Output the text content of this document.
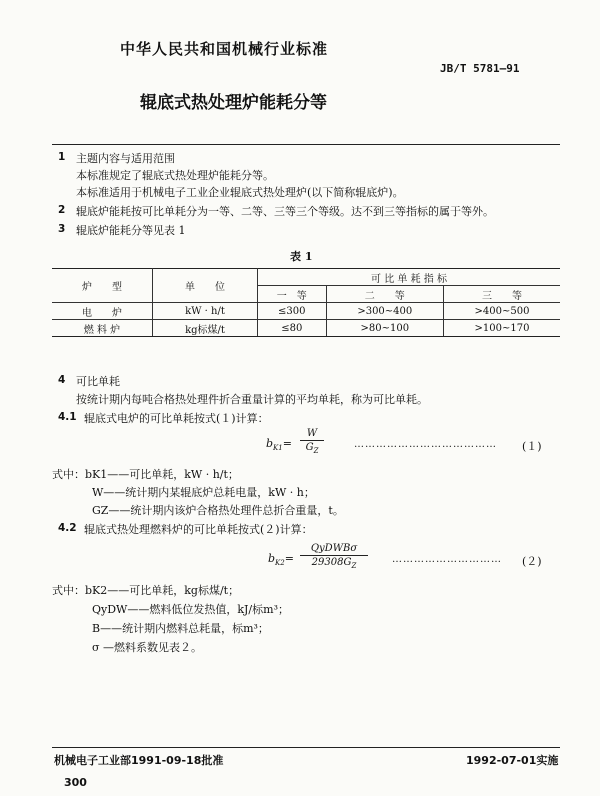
中华人民共和国机械行业标准
JB/T 5781—91
辊底式热处理炉能耗分等
1 主题内容与适用范围
本标准规定了辊底式热处理炉能耗分等。
本标准适用于机械电子工业企业辊底式热处理炉(以下简称辊底炉)。
2 辊底炉能耗按可比单耗分为一等、二等、三等三个等级。达不到三等指标的属于等外。
3 辊底炉能耗分等见表 1
表 1
炉　　型	单　　位	可 比 单 耗 指 标		
		一　等	二　　等	三　　等
电　　炉	kW · h/t	≤300	>300~400	>400~500
燃 料 炉	kg标煤/t	≤80	>80~100	>100~170
4 可比单耗
按统计期内每吨合格热处理件折合重量计算的平均单耗，称为可比单耗。
4.1 辊底式电炉的可比单耗按式(１)计算：
$b_{K1}=$
W
$G_Z$
………………………………… (１)
式中：bK1——可比单耗，kW · h/t；
W——统计期内某辊底炉总耗电量，kW · h；
GZ——统计期内该炉合格热处理件总折合重量，t。
4.2 辊底式热处理燃料炉的可比单耗按式(２)计算：
$b_{K2}=$
QyDWBσ
$29308G_Z$
………………………… (２)
式中：bK2——可比单耗，kg标煤/t；
QyDW——燃料低位发热值，kJ/标m³；
B——统计期内燃料总耗量，标m³；
σ —燃料系数见表２。
机械电子工业部1991-09-18批准	1992-07-01实施
300
